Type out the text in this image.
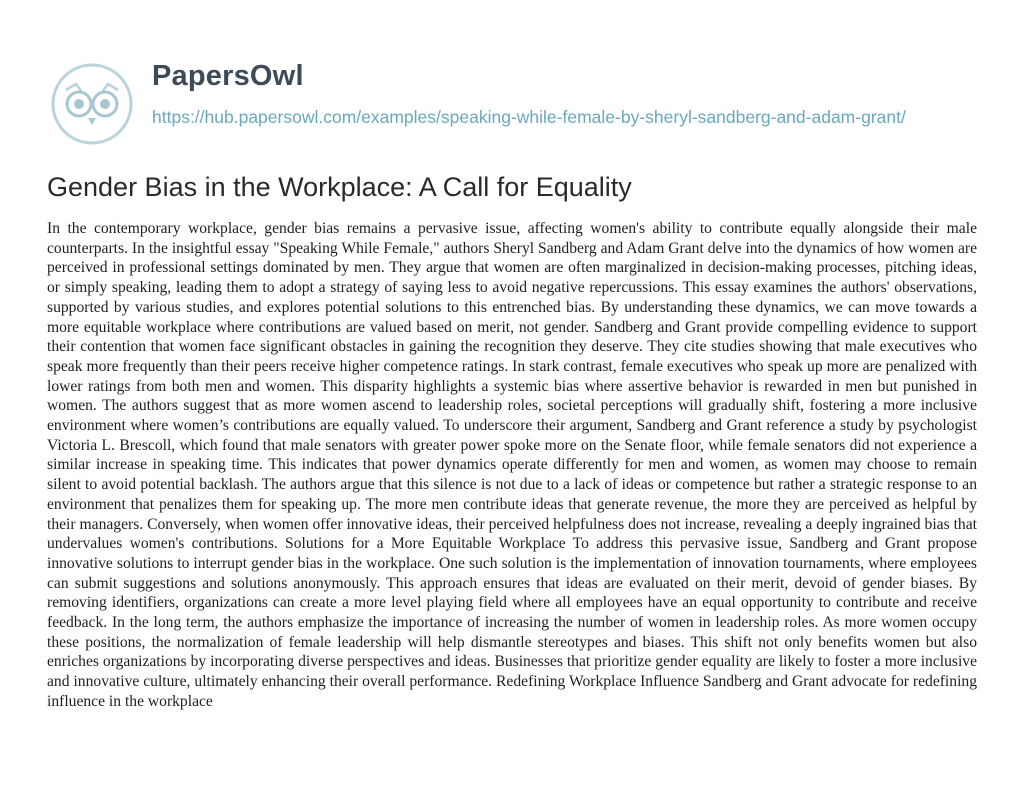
PapersOwl
https://hub.papersowl.com/examples/speaking-while-female-by-sheryl-sandberg-and-adam-grant/
Gender Bias in the Workplace: A Call for Equality

In the contemporary workplace, gender bias remains a pervasive issue, affecting women's ability to contribute equally alongside their male counterparts. In the insightful essay "Speaking While Female," authors Sheryl Sandberg and Adam Grant delve into the dynamics of how women are perceived in professional settings dominated by men. They argue that women are often marginalized in decision-making processes, pitching ideas, or simply speaking, leading them to adopt a strategy of saying less to avoid negative repercussions. This essay examines the authors' observations, supported by various studies, and explores potential solutions to this entrenched bias. By understanding these dynamics, we can move towards a more equitable workplace where contributions are valued based on merit, not gender. Sandberg and Grant provide compelling evidence to support their contention that women face significant obstacles in gaining the recognition they deserve. They cite studies showing that male executives who speak more frequently than their peers receive higher competence ratings. In stark contrast, female executives who speak up more are penalized with lower ratings from both men and women. This disparity highlights a systemic bias where assertive behavior is rewarded in men but punished in women. The authors suggest that as more women ascend to leadership roles, societal perceptions will gradually shift, fostering a more inclusive environment where women’s contributions are equally valued. To underscore their argument, Sandberg and Grant reference a study by psychologist Victoria L. Brescoll, which found that male senators with greater power spoke more on the Senate floor, while female senators did not experience a similar increase in speaking time. This indicates that power dynamics operate differently for men and women, as women may choose to remain silent to avoid potential backlash. The authors argue that this silence is not due to a lack of ideas or competence but rather a strategic response to an environment that penalizes them for speaking up. The more men contribute ideas that generate revenue, the more they are perceived as helpful by their managers. Conversely, when women offer innovative ideas, their perceived helpfulness does not increase, revealing a deeply ingrained bias that undervalues women's contributions. Solutions for a More Equitable Workplace To address this pervasive issue, Sandberg and Grant propose innovative solutions to interrupt gender bias in the workplace. One such solution is the implementation of innovation tournaments, where employees can submit suggestions and solutions anonymously. This approach ensures that ideas are evaluated on their merit, devoid of gender biases. By removing identifiers, organizations can create a more level playing field where all employees have an equal opportunity to contribute and receive feedback. In the long term, the authors emphasize the importance of increasing the number of women in leadership roles. As more women occupy these positions, the normalization of female leadership will help dismantle stereotypes and biases. This shift not only benefits women but also enriches organizations by incorporating diverse perspectives and ideas. Businesses that prioritize gender equality are likely to foster a more inclusive and innovative culture, ultimately enhancing their overall performance. Redefining Workplace Influence Sandberg and Grant advocate for redefining influence in the workplace
